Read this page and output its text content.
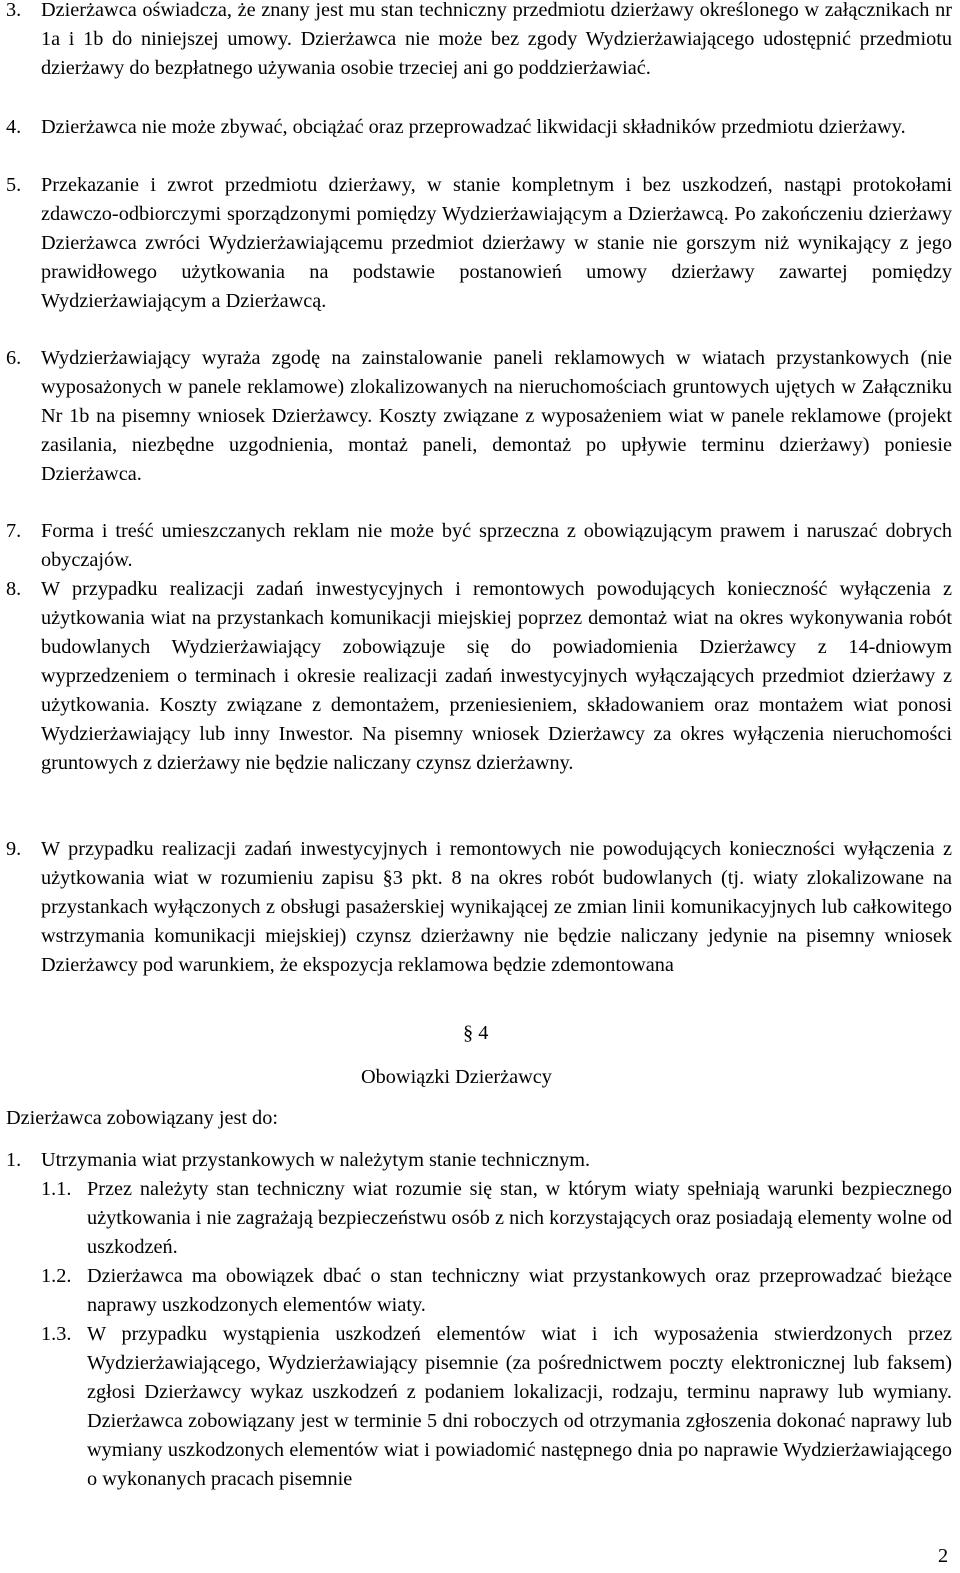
3. Dzierżawca oświadcza, że znany jest mu stan techniczny przedmiotu dzierżawy określonego w załącznikach nr 1a i 1b do niniejszej umowy. Dzierżawca nie może bez zgody Wydzierżawiającego udostępnić przedmiotu dzierżawy do bezpłatnego używania osobie trzeciej ani go poddzierżawiać.
4. Dzierżawca nie może zbywać, obciążać oraz przeprowadzać likwidacji składników przedmiotu dzierżawy.
5. Przekazanie i zwrot przedmiotu dzierżawy, w stanie kompletnym i bez uszkodzeń, nastąpi protokołami zdawczo-odbiorczymi sporządzonymi pomiędzy Wydzierżawiającym a Dzierżawcą. Po zakończeniu dzierżawy Dzierżawca zwróci Wydzierżawiającemu przedmiot dzierżawy w stanie nie gorszym niż wynikający z jego prawidłowego użytkowania na podstawie postanowień umowy dzierżawy zawartej pomiędzy Wydzierżawiającym a Dzierżawcą.
6. Wydzierżawiający wyraża zgodę na zainstalowanie paneli reklamowych w wiatach przystankowych (nie wyposażonych w panele reklamowe) zlokalizowanych na nieruchomościach gruntowych ujętych w Załączniku Nr 1b na pisemny wniosek Dzierżawcy. Koszty związane z wyposażeniem wiat w panele reklamowe (projekt zasilania, niezbędne uzgodnienia, montaż paneli, demontaż po upływie terminu dzierżawy) poniesie Dzierżawca.
7. Forma i treść umieszczanych reklam nie może być sprzeczna z obowiązującym prawem i naruszać dobrych obyczajów.
8. W przypadku realizacji zadań inwestycyjnych i remontowych powodujących konieczność wyłączenia z użytkowania wiat na przystankach komunikacji miejskiej poprzez demontaż wiat na okres wykonywania robót budowlanych Wydzierżawiający zobowiązuje się do powiadomienia Dzierżawcy z 14-dniowym wyprzedzeniem o terminach i okresie realizacji zadań inwestycyjnych wyłączających przedmiot dzierżawy z użytkowania. Koszty związane z demontażem, przeniesieniem, składowaniem oraz montażem wiat ponosi Wydzierżawiający lub inny Inwestor. Na pisemny wniosek Dzierżawcy za okres wyłączenia nieruchomości gruntowych z dzierżawy nie będzie naliczany czynsz dzierżawny.
9. W przypadku realizacji zadań inwestycyjnych i remontowych nie powodujących konieczności wyłączenia z użytkowania wiat w rozumieniu zapisu §3 pkt. 8 na okres robót budowlanych (tj. wiaty zlokalizowane na przystankach wyłączonych z obsługi pasażerskiej wynikającej ze zmian linii komunikacyjnych lub całkowitego wstrzymania komunikacji miejskiej) czynsz dzierżawny nie będzie naliczany jedynie na pisemny wniosek Dzierżawcy pod warunkiem, że ekspozycja reklamowa będzie zdemontowana
§ 4
Obowiązki Dzierżawcy
Dzierżawca zobowiązany jest do:
1. Utrzymania wiat przystankowych w należytym stanie technicznym.
1.1. Przez należyty stan techniczny wiat rozumie się stan, w którym wiaty spełniają warunki bezpiecznego użytkowania i nie zagrażają bezpieczeństwu osób z nich korzystających oraz posiadają elementy wolne od uszkodzeń.
1.2. Dzierżawca ma obowiązek dbać o stan techniczny wiat przystankowych oraz przeprowadzać bieżące naprawy uszkodzonych elementów wiaty.
1.3. W przypadku wystąpienia uszkodzeń elementów wiat i ich wyposażenia stwierdzonych przez Wydzierżawiającego, Wydzierżawiający pisemnie (za pośrednictwem poczty elektronicznej lub faksem) zgłosi Dzierżawcy wykaz uszkodzeń z podaniem lokalizacji, rodzaju, terminu naprawy lub wymiany. Dzierżawca zobowiązany jest w terminie 5 dni roboczych od otrzymania zgłoszenia dokonać naprawy lub wymiany uszkodzonych elementów wiat i powiadomić następnego dnia po naprawie Wydzierżawiającego o wykonanych pracach pisemnie
2
